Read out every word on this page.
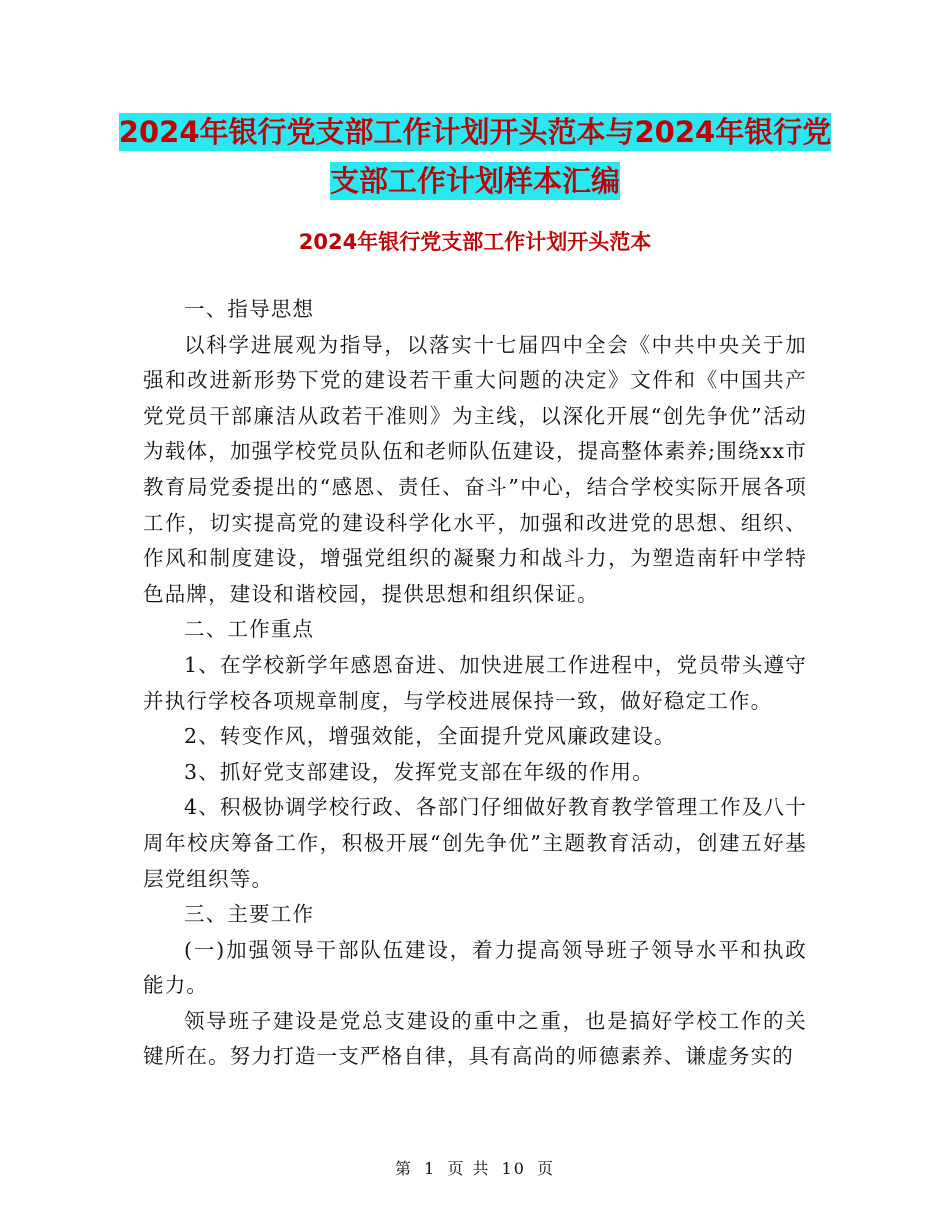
2024年银行党支部工作计划开头范本与2024年银行党
支部工作计划样本汇编
2024年银行党支部工作计划开头范本

一、指导思想

以科学进展观为指导，以落实十七届四中全会《中共中央关于加强和改进新形势下党的建设若干重大问题的决定》文件和《中国共产党党员干部廉洁从政若干准则》为主线，以深化开展“创先争优”活动为载体，加强学校党员队伍和老师队伍建设，提高整体素养;围绕xx市教育局党委提出的“感恩、责任、奋斗”中心，结合学校实际开展各项工作，切实提高党的建设科学化水平，加强和改进党的思想、组织、作风和制度建设，增强党组织的凝聚力和战斗力，为塑造南轩中学特色品牌，建设和谐校园，提供思想和组织保证。

二、工作重点

1、在学校新学年感恩奋进、加快进展工作进程中，党员带头遵守并执行学校各项规章制度，与学校进展保持一致，做好稳定工作。

2、转变作风，增强效能，全面提升党风廉政建设。

3、抓好党支部建设，发挥党支部在年级的作用。

4、积极协调学校行政、各部门仔细做好教育教学管理工作及八十周年校庆筹备工作，积极开展“创先争优”主题教育活动，创建五好基层党组织等。

三、主要工作

(一)加强领导干部队伍建设，着力提高领导班子领导水平和执政能力。

领导班子建设是党总支建设的重中之重，也是搞好学校工作的关键所在。努力打造一支严格自律，具有高尚的师德素养、谦虚务实的

第 1 页 共 10 页
